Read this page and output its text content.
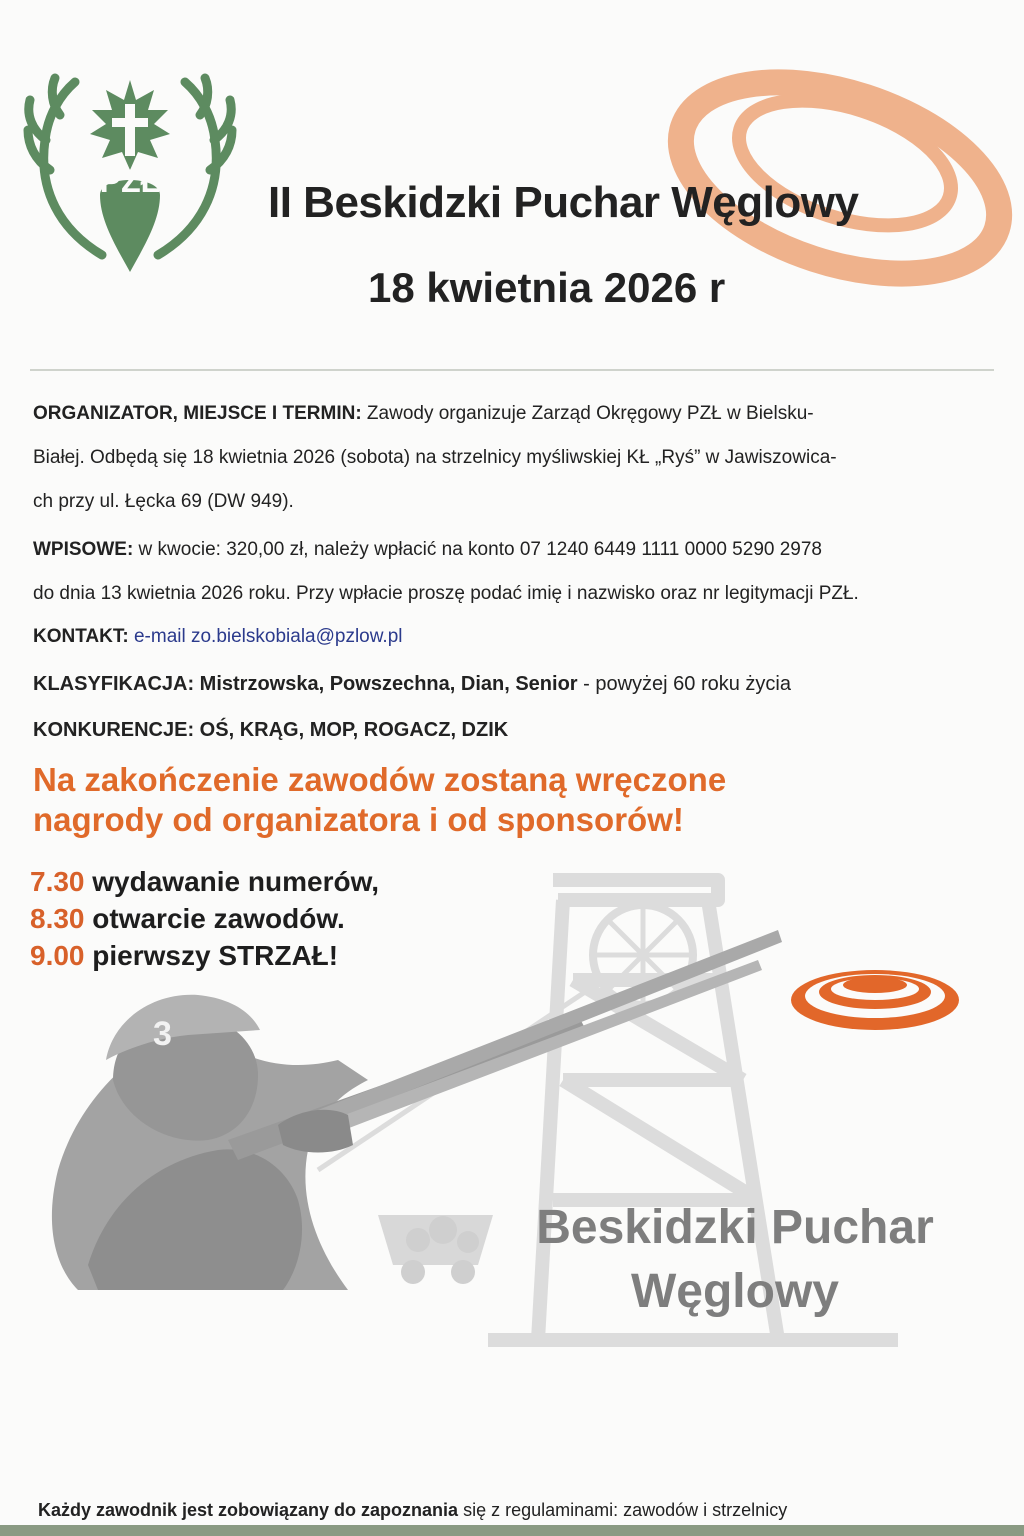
PZŁ II Beskidzki Puchar Węglowy
18 kwietnia 2026 r

ORGANIZATOR, MIEJSCE I TERMIN: Zawody organizuje Zarząd Okręgowy PZŁ w Bielsku-
Białej. Odbędą się 18 kwietnia 2026 (sobota) na strzelnicy myśliwskiej KŁ „Ryś” w Jawiszowica-
ch przy ul. Łęcka 69 (DW 949).

WPISOWE: w kwocie: 320,00 zł, należy wpłacić na konto 07 1240 6449 1111 0000 5290 2978
do dnia 13 kwietnia 2026 roku. Przy wpłacie proszę podać imię i nazwisko oraz nr legitymacji PZŁ.

KONTAKT: e-mail zo.bielskobiala@pzlow.pl

KLASYFIKACJA: Mistrzowska, Powszechna, Dian, Senior - powyżej 60 roku życia

KONKURENCJE: OŚ, KRĄG, MOP, ROGACZ, DZIK

3

Na zakończenie zawodów zostaną wręczone
nagrody od organizatora i od sponsorów!

7.30 wydawanie numerów,

8.30 otwarcie zawodów.

9.00 pierwszy STRZAŁ!

Beskidzki Puchar
Węglowy

Każdy zawodnik jest zobowiązany do zapoznania się z regulaminami: zawodów i strzelnicy
